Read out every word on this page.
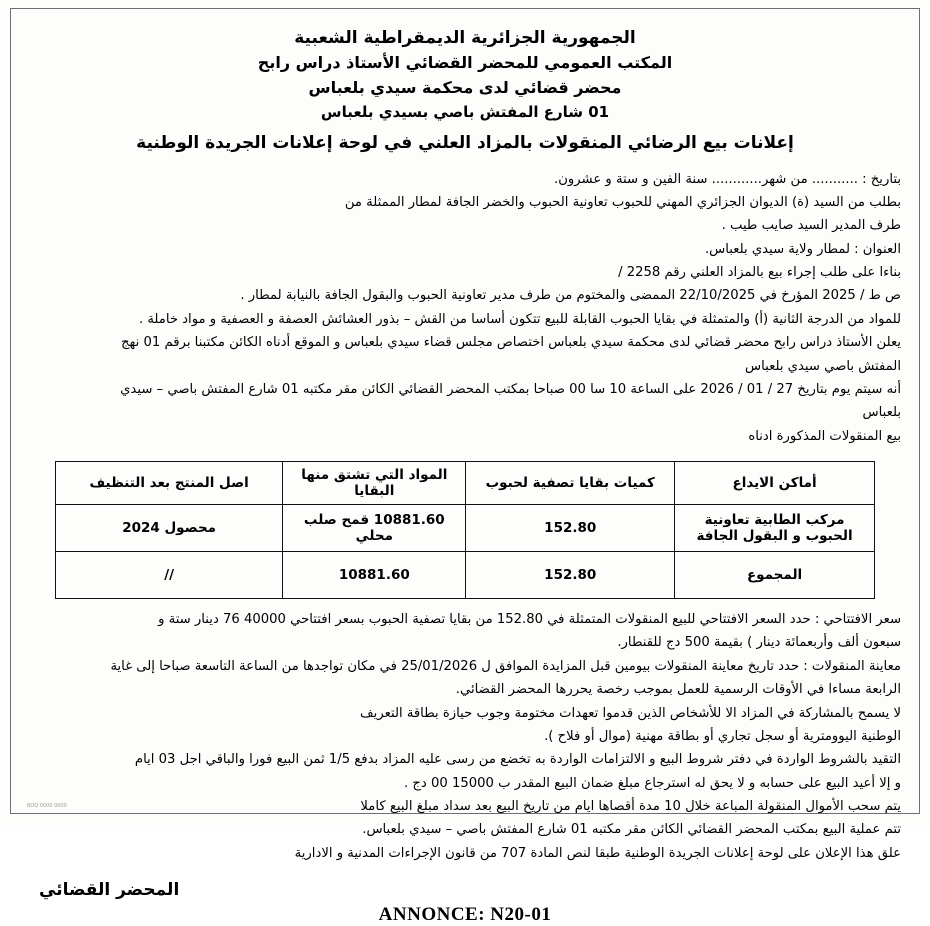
الجمهورية الجزائرية الديمقراطية الشعبية
المكتب العمومي للمحضر القضائي الأستاذ دراس رابح
محضر قضائي لدى محكمة سيدي بلعباس
01 شارع المفتش باصي بسيدي بلعباس
إعلانات بيع الرضائي المنقولات بالمزاد العلني في لوحة إعلانات الجريدة الوطنية

بتاريخ : ........... من شهر............ سنة الفين و ستة و عشرون.

بطلب من السيد (ة) الديوان الجزائري المهني للحبوب تعاونية الحبوب والخضر الجافة لمطار الممثلة من

طرف المدير السيد صايب طيب .

العنوان : لمطار ولاية سيدي بلعباس.

بناءا على طلب إجراء بيع بالمزاد العلني رقم 2258 /

ص ط / 2025 المؤرخ في 22/10/2025 الممضى والمختوم من طرف مدير تعاونية الحبوب والبقول الجافة بالنيابة لمطار .

للمواد من الدرجة الثانية (أ) والمتمثلة في بقايا الحبوب القابلة للبيع تتكون أساسا من القش – بذور العشائش العصفة و العصفية و مواد خاملة .

يعلن الأستاذ دراس رابح محضر قضائي لدى محكمة سيدي بلعباس اختصاص مجلس قضاء سيدي بلعباس و الموقع أدناه الكائن مكتبنا برقم 01 نهج

المفتش باصي سيدي بلعباس

أنه سيتم يوم بتاريخ 27 / 01 / 2026 على الساعة 10 سا 00 صباحا بمكتب المحضر القضائي الكائن مقر مكتبه 01 شارع المفتش باصي – سيدي

بلعباس

بيع المنقولات المذكورة ادناه

أماكن الايداع	كميات بقايا تصفية لحبوب	المواد التي تشتق منها البقايا	اصل المنتج بعد التنظيف
مركب الطابية تعاونية الحبوب و البقول الجافة	152.80	10881.60 قمح صلب محلي	محصول 2024
المجموع	152.80	10881.60	//

سعر الافتتاحي : حدد السعر الافتتاحي للبيع المنقولات المتمثلة في 152.80 من بقايا تصفية الحبوب بسعر افتتاحي 40000 76 دينار ستة و

سبعون ألف وأربعمائة دينار ) بقيمة 500 دج للقنطار.

معاينة المنقولات : حدد تاريخ معاينة المنقولات بيومين قبل المزايدة الموافق ل 25/01/2026 في مكان تواجدها من الساعة التاسعة صباحا إلى غاية

الرابعة مساءا في الأوقات الرسمية للعمل بموجب رخصة يحررها المحضر القضائي.

لا يسمح بالمشاركة في المزاد الا للأشخاص الذين قدموا تعهدات مختومة وجوب حيازة بطاقة التعريف

الوطنية اليوومترية أو سجل تجاري أو بطاقة مهنية (موال أو فلاح ).

التقيد بالشروط الواردة في دفتر شروط البيع و الالتزامات الواردة به تخضع من رسى عليه المزاد بدفع 1/5 ثمن البيع فورا والباقي اجل 03 ايام

و إلا أعيد البيع على حسابه و لا يحق له استرجاع مبلغ ضمان البيع المقدر ب 15000 00 دج .

يتم سحب الأموال المنقولة المباعة خلال 10 مدة أقصاها ايام من تاريخ البيع بعد سداد مبلغ البيع كاملا

تتم عملية البيع بمكتب المحضر القضائي الكائن مقر مكتبه 01 شارع المفتش باصي – سيدي بلعباس.

علق هذا الإعلان على لوحة إعلانات الجريدة الوطنية طبقا لنص المادة 707 من قانون الإجراءات المدنية و الادارية

المحضر القضائي
ANNONCE: N20-01
BOQ 0000 0000
